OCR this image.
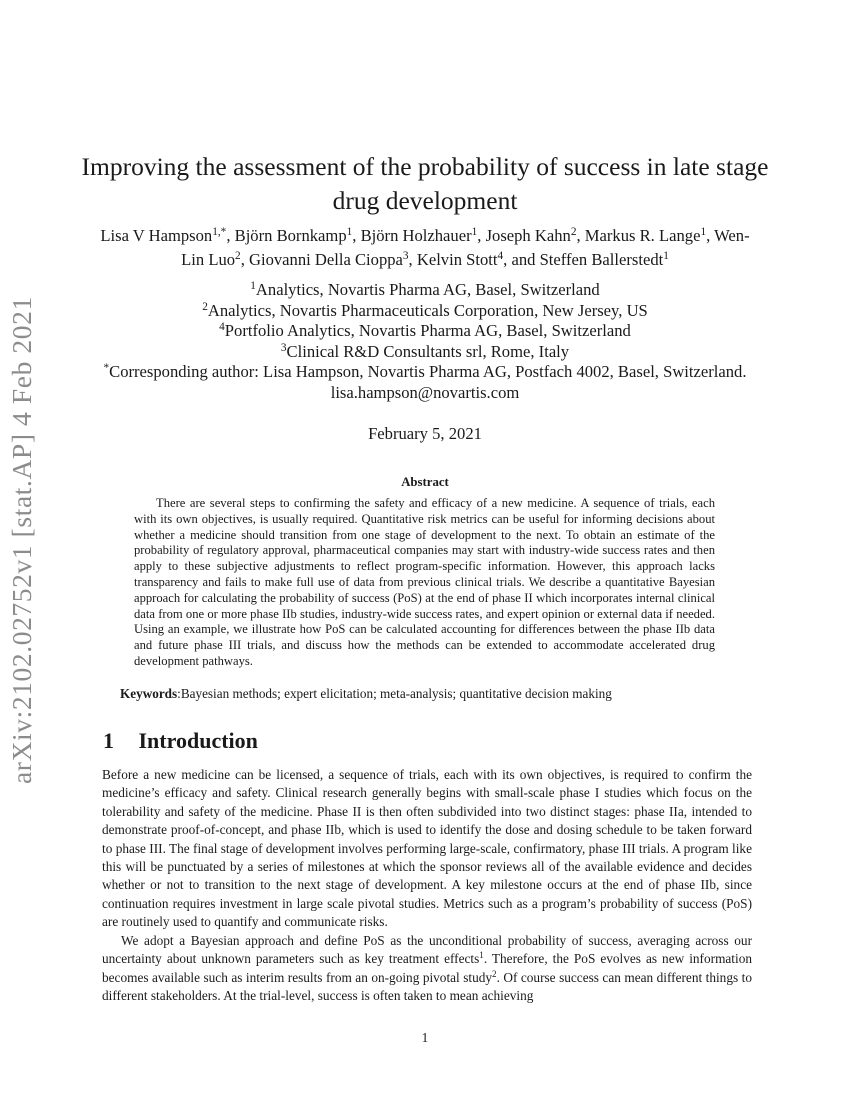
arXiv:2102.02752v1 [stat.AP] 4 Feb 2021
Improving the assessment of the probability of success in late stage drug development
Lisa V Hampson$^{1,*}$, Björn Bornkamp$^1$, Björn Holzhauer$^1$, Joseph Kahn$^2$, Markus R. Lange$^1$, Wen-Lin Luo$^2$, Giovanni Della Cioppa$^3$, Kelvin Stott$^4$, and Steffen Ballerstedt$^1$
$^1$Analytics, Novartis Pharma AG, Basel, Switzerland
$^2$Analytics, Novartis Pharmaceuticals Corporation, New Jersey, US
$^4$Portfolio Analytics, Novartis Pharma AG, Basel, Switzerland
$^3$Clinical R&D Consultants srl, Rome, Italy
*Corresponding author: Lisa Hampson, Novartis Pharma AG, Postfach 4002, Basel, Switzerland. lisa.hampson@novartis.com
February 5, 2021
Abstract
There are several steps to confirming the safety and efficacy of a new medicine. A sequence of trials, each with its own objectives, is usually required. Quantitative risk metrics can be useful for informing decisions about whether a medicine should transition from one stage of development to the next. To obtain an estimate of the probability of regulatory approval, pharmaceutical companies may start with industry-wide success rates and then apply to these subjective adjustments to reflect program-specific information. However, this approach lacks transparency and fails to make full use of data from previous clinical trials. We describe a quantitative Bayesian approach for calculating the probability of success (PoS) at the end of phase II which incorporates internal clinical data from one or more phase IIb studies, industry-wide success rates, and expert opinion or external data if needed. Using an example, we illustrate how PoS can be calculated accounting for differences between the phase IIb data and future phase III trials, and discuss how the methods can be extended to accommodate accelerated drug development pathways.
Keywords:Bayesian methods; expert elicitation; meta-analysis; quantitative decision making
1 Introduction
Before a new medicine can be licensed, a sequence of trials, each with its own objectives, is required to confirm the medicine’s efficacy and safety. Clinical research generally begins with small-scale phase I studies which focus on the tolerability and safety of the medicine. Phase II is then often subdivided into two distinct stages: phase IIa, intended to demonstrate proof-of-concept, and phase IIb, which is used to identify the dose and dosing schedule to be taken forward to phase III. The final stage of development involves performing large-scale, confirmatory, phase III trials. A program like this will be punctuated by a series of milestones at which the sponsor reviews all of the available evidence and decides whether or not to transition to the next stage of development. A key milestone occurs at the end of phase IIb, since continuation requires investment in large scale pivotal studies. Metrics such as a program’s probability of success (PoS) are routinely used to quantify and communicate risks.
We adopt a Bayesian approach and define PoS as the unconditional probability of success, averaging across our uncertainty about unknown parameters such as key treatment effects$^1$. Therefore, the PoS evolves as new information becomes available such as interim results from an on-going pivotal study$^2$. Of course success can mean different things to different stakeholders. At the trial-level, success is often taken to mean achieving
1
